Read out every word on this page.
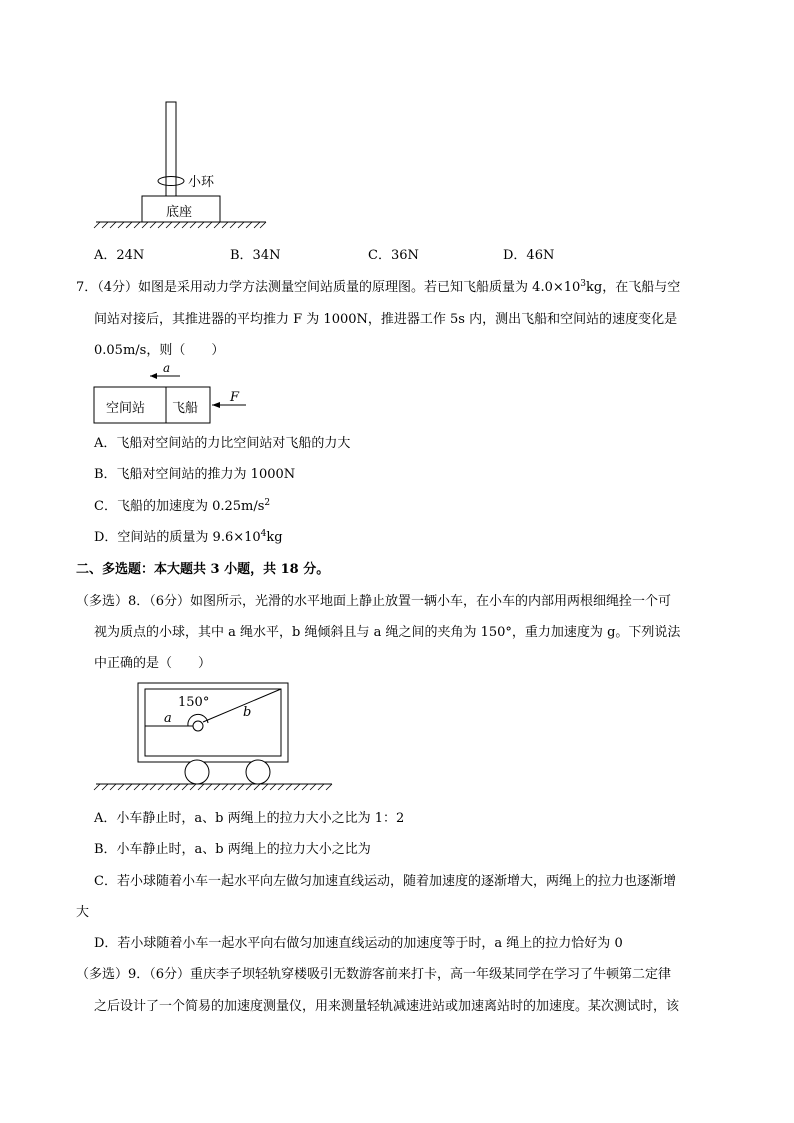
小环
底座
A．24N	B．34N	C．36N	D．46N
7．（4分）如图是采用动力学方法测量空间站质量的原理图。若已知飞船质量为 $4.0\times 10^3kg$，在飞船与空
间站对接后，其推进器的平均推力 F 为 1000N，推进器工作 5s 内，测出飞船和空间站的速度变化是
0.05m/s，则（　　）
a
空间站 飞船
F
A．飞船对空间站的力比空间站对飞船的力大
B．飞船对空间站的推力为 1000N
C．飞船的加速度为 $0.25m/s^2$
D．空间站的质量为 $9.6\times 10^4kg$
二、多选题：本大题共 3 小题，共 18 分。
（多选）8．（6分）如图所示，光滑的水平地面上静止放置一辆小车，在小车的内部用两根细绳拴一个可
视为质点的小球，其中 a 绳水平，b 绳倾斜且与 a 绳之间的夹角为 150°，重力加速度为 g。下列说法
中正确的是（　　）
150°
a	b
A．小车静止时，a、b 两绳上的拉力大小之比为 1：2
B．小车静止时，a、b 两绳上的拉力大小之比为
C．若小球随着小车一起水平向左做匀加速直线运动，随着加速度的逐渐增大，两绳上的拉力也逐渐增
大
D．若小球随着小车一起水平向右做匀加速直线运动的加速度等于时，a 绳上的拉力恰好为 0
（多选）9．（6分）重庆李子坝轻轨穿楼吸引无数游客前来打卡，高一年级某同学在学习了牛顿第二定律
之后设计了一个简易的加速度测量仪，用来测量轻轨减速进站或加速离站时的加速度。某次测试时，该
